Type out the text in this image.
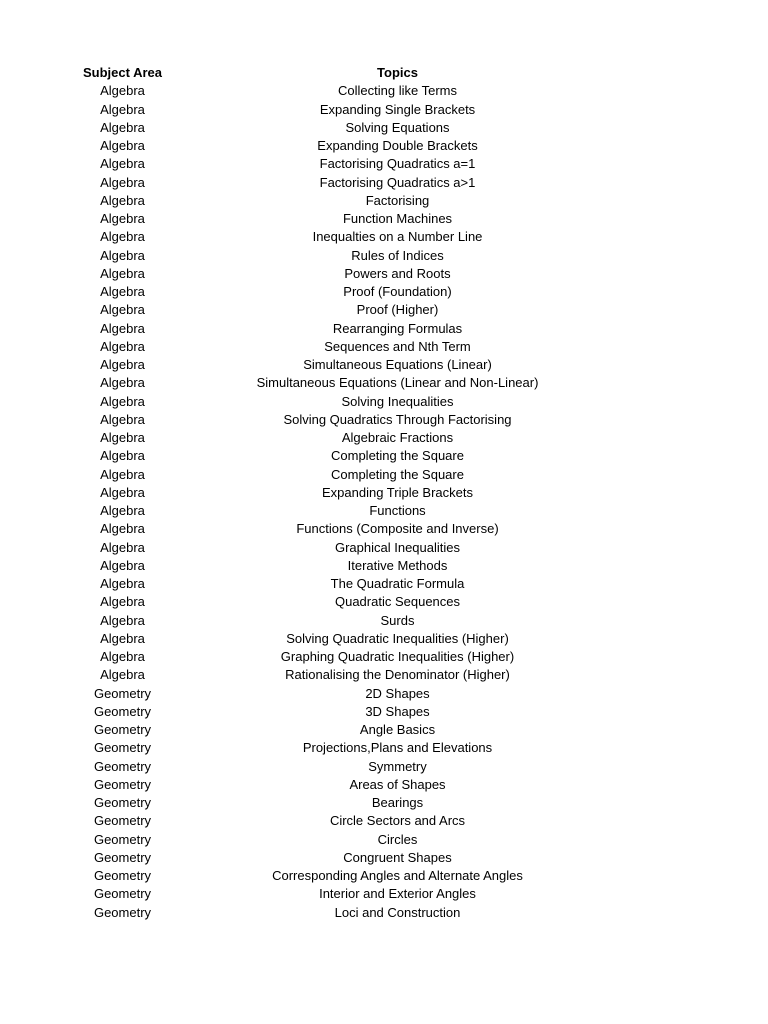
Subject Area	Topics

Algebra	Collecting like Terms

Algebra	Expanding Single Brackets

Algebra	Solving Equations

Algebra	Expanding Double Brackets

Algebra	Factorising Quadratics a=1

Algebra	Factorising Quadratics a>1

Algebra	Factorising

Algebra	Function Machines

Algebra	Inequalties on a Number Line

Algebra	Rules of Indices

Algebra	Powers and Roots

Algebra	Proof (Foundation)

Algebra	Proof (Higher)

Algebra	Rearranging Formulas

Algebra	Sequences and Nth Term

Algebra	Simultaneous Equations (Linear)

Algebra	Simultaneous Equations (Linear and Non-Linear)

Algebra	Solving Inequalities

Algebra	Solving Quadratics Through Factorising

Algebra	Algebraic Fractions

Algebra	Completing the Square

Algebra	Completing the Square

Algebra	Expanding Triple Brackets

Algebra	Functions

Algebra	Functions (Composite and Inverse)

Algebra	Graphical Inequalities

Algebra	Iterative Methods

Algebra	The Quadratic Formula

Algebra	Quadratic Sequences

Algebra	Surds

Algebra	Solving Quadratic Inequalities (Higher)

Algebra	Graphing Quadratic Inequalities (Higher)

Algebra	Rationalising the Denominator (Higher)

Geometry	2D Shapes

Geometry	3D Shapes

Geometry	Angle Basics

Geometry	Projections,Plans and Elevations

Geometry	Symmetry

Geometry	Areas of Shapes

Geometry	Bearings

Geometry	Circle Sectors and Arcs

Geometry	Circles

Geometry	Congruent Shapes

Geometry	Corresponding Angles and Alternate Angles

Geometry	Interior and Exterior Angles

Geometry	Loci and Construction
